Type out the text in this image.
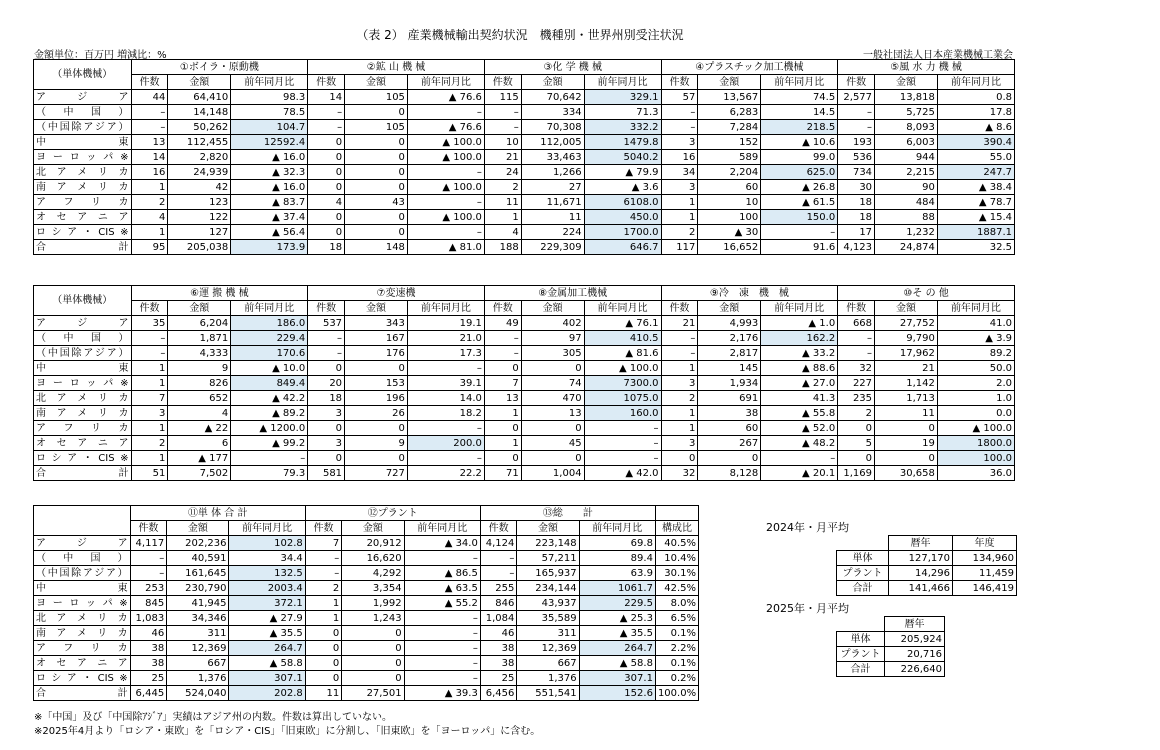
（表 2） 産業機械輸出契約状況　機種別・世界州別受注状況
金額単位：百万円 増減比：%	一般社団法人日本産業機械工業会
（単体機械）	①ボイラ・原動機			②鉱 山 機 械			③化 学 機 械			④プラスチック加工機械			⑤風 水 力 機 械		
	件数	金額	前年同月比	件数	金額	前年同月比	件数	金額	前年同月比	件数	金額	前年同月比	件数	金額	前年同月比
ア　ジ　ア	44	64,410	98.3	14	105	▲ 76.6	115	70,642	329.1	57	13,567	74.5	2,577	13,818	0.8
（　中　国　）	–	14,148	78.5	–	0	–	–	334	71.3	–	6,283	14.5	–	5,725	17.8
（中国除アジア）	–	50,262	104.7	–	105	▲ 76.6	–	70,308	332.2	–	7,284	218.5	–	8,093	▲ 8.6
中　　　東	13	112,455	12592.4	0	0	▲ 100.0	10	112,005	1479.8	3	152	▲ 10.6	193	6,003	390.4
ヨーロッパ※	14	2,820	▲ 16.0	0	0	▲ 100.0	21	33,463	5040.2	16	589	99.0	536	944	55.0
北 ア メ リ カ	16	24,939	▲ 32.3	0	0	–	24	1,266	▲ 79.9	34	2,204	625.0	734	2,215	247.7
南 ア メ リ カ	1	42	▲ 16.0	0	0	▲ 100.0	2	27	▲ 3.6	3	60	▲ 26.8	30	90	▲ 38.4
ア フ リ カ	2	123	▲ 83.7	4	43	–	11	11,671	6108.0	1	10	▲ 61.5	18	484	▲ 78.7
オ セ ア ニ ア	4	122	▲ 37.4	0	0	▲ 100.0	1	11	450.0	1	100	150.0	18	88	▲ 15.4
ロシア・CIS※	1	127	▲ 56.4	0	0	–	4	224	1700.0	2	▲ 30	–	17	1,232	1887.1
合　　　計	95	205,038	173.9	18	148	▲ 81.0	188	229,309	646.7	117	16,652	91.6	4,123	24,874	32.5
（単体機械）	⑥運 搬 機 械			⑦変速機			⑧金属加工機械			⑨冷　凍　機　械			⑩そ の 他		
	件数	金額	前年同月比	件数	金額	前年同月比	件数	金額	前年同月比	件数	金額	前年同月比	件数	金額	前年同月比
ア　ジ　ア	35	6,204	186.0	537	343	19.1	49	402	▲ 76.1	21	4,993	▲ 1.0	668	27,752	41.0
（　中　国　）	–	1,871	229.4	–	167	21.0	–	97	410.5	–	2,176	162.2	–	9,790	▲ 3.9
（中国除アジア）	–	4,333	170.6	–	176	17.3	–	305	▲ 81.6	–	2,817	▲ 33.2	–	17,962	89.2
中　　　東	1	9	▲ 10.0	0	0	–	0	0	▲ 100.0	1	145	▲ 88.6	32	21	50.0
ヨーロッパ※	1	826	849.4	20	153	39.1	7	74	7300.0	3	1,934	▲ 27.0	227	1,142	2.0
北 ア メ リ カ	7	652	▲ 42.2	18	196	14.0	13	470	1075.0	2	691	41.3	235	1,713	1.0
南 ア メ リ カ	3	4	▲ 89.2	3	26	18.2	1	13	160.0	1	38	▲ 55.8	2	11	0.0
ア フ リ カ	1	▲ 22	▲ 1200.0	0	0	–	0	0	–	1	60	▲ 52.0	0	0	▲ 100.0
オ セ ア ニ ア	2	6	▲ 99.2	3	9	200.0	1	45	–	3	267	▲ 48.2	5	19	1800.0
ロシア・CIS※	1	▲ 177	–	0	0	–	0	0	–	0	0	–	0	0	100.0
合　　　計	51	7,502	79.3	581	727	22.2	71	1,004	▲ 42.0	32	8,128	▲ 20.1	1,169	30,658	36.0
	⑪単 体 合 計			⑫プラント			⑬総　　計			
	件数	金額	前年同月比	件数	金額	前年同月比	件数	金額	前年同月比	構成比
ア　ジ　ア	4,117	202,236	102.8	7	20,912	▲ 34.0	4,124	223,148	69.8	40.5%
（　中　国　）	–	40,591	34.4	–	16,620	–	–	57,211	89.4	10.4%
（中国除アジア）	–	161,645	132.5	–	4,292	▲ 86.5	–	165,937	63.9	30.1%
中　　　東	253	230,790	2003.4	2	3,354	▲ 63.5	255	234,144	1061.7	42.5%
ヨーロッパ※	845	41,945	372.1	1	1,992	▲ 55.2	846	43,937	229.5	8.0%
北 ア メ リ カ	1,083	34,346	▲ 27.9	1	1,243	–	1,084	35,589	▲ 25.3	6.5%
南 ア メ リ カ	46	311	▲ 35.5	0	0	–	46	311	▲ 35.5	0.1%
ア フ リ カ	38	12,369	264.7	0	0	–	38	12,369	264.7	2.2%
オ セ ア ニ ア	38	667	▲ 58.8	0	0	–	38	667	▲ 58.8	0.1%
ロシア・CIS※	25	1,376	307.1	0	0	–	25	1,376	307.1	0.2%
合　　　計	6,445	524,040	202.8	11	27,501	▲ 39.3	6,456	551,541	152.6	100.0%
2024年・月平均
	暦年	年度
単体	127,170	134,960
プラント	14,296	11,459
合計	141,466	146,419
2025年・月平均
	暦年
単体	205,924
プラント	20,716
合計	226,640
※「中国」及び「中国除ｱｼﾞｱ」実績はアジア州の内数。件数は算出していない。
※2025年4月より「ロシア・東欧」を「ロシア・CIS」「旧東欧」に分割し、「旧東欧」を「ヨーロッパ」に含む。
